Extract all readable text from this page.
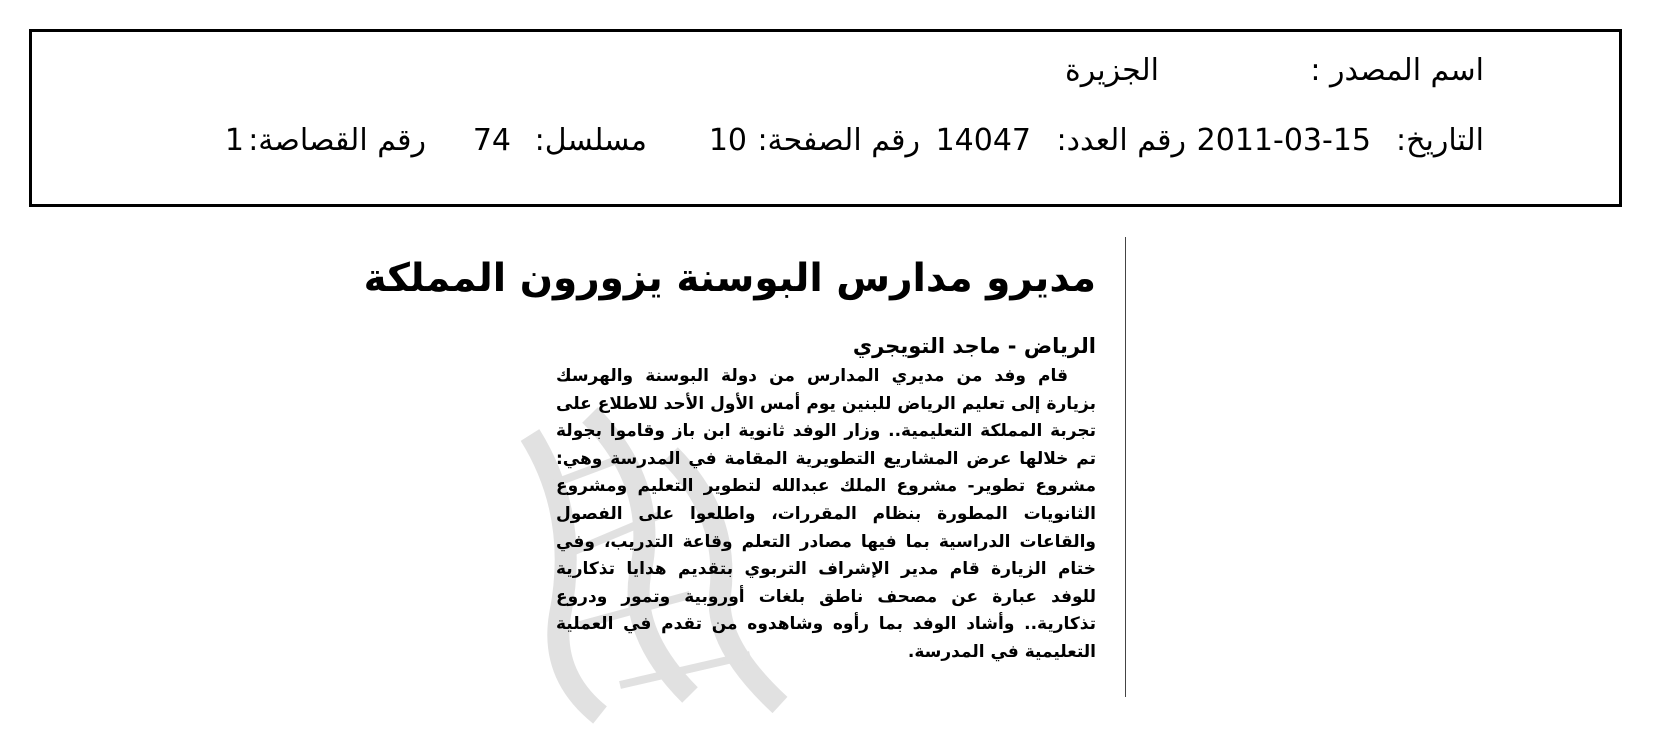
اسم المصدر :
الجزيرة
التاريخ:
2011-03-15
رقم العدد:
14047
رقم الصفحة:
10
مسلسل:
74
رقم القصاصة:
1
مديرو مدارس البوسنة يزورون المملكة
الرياض - ماجد التويجري
قام وفد من مديري المدارس من دولة البوسنة والهرسك
بزيارة إلى تعليم الرياض للبنين يوم أمس الأول الأحد للاطلاع على
تجربة المملكة التعليمية.. وزار الوفد ثانوية ابن باز وقاموا بجولة
تم خلالها عرض المشاريع التطويرية المقامة في المدرسة وهي:
مشروع تطوير- مشروع الملك عبدالله لتطوير التعليم ومشروع
الثانويات المطورة بنظام المقررات، واطلعوا على الفصول
والقاعات الدراسية بما فيها مصادر التعلم وقاعة التدريب، وفي
ختام الزيارة قام مدير الإشراف التربوي بتقديم هدايا تذكارية
للوفد عبارة عن مصحف ناطق بلغات أوروبية وتمور ودروع
تذكارية.. وأشاد الوفد بما رأوه وشاهدوه من تقدم في العملية
التعليمية في المدرسة.
